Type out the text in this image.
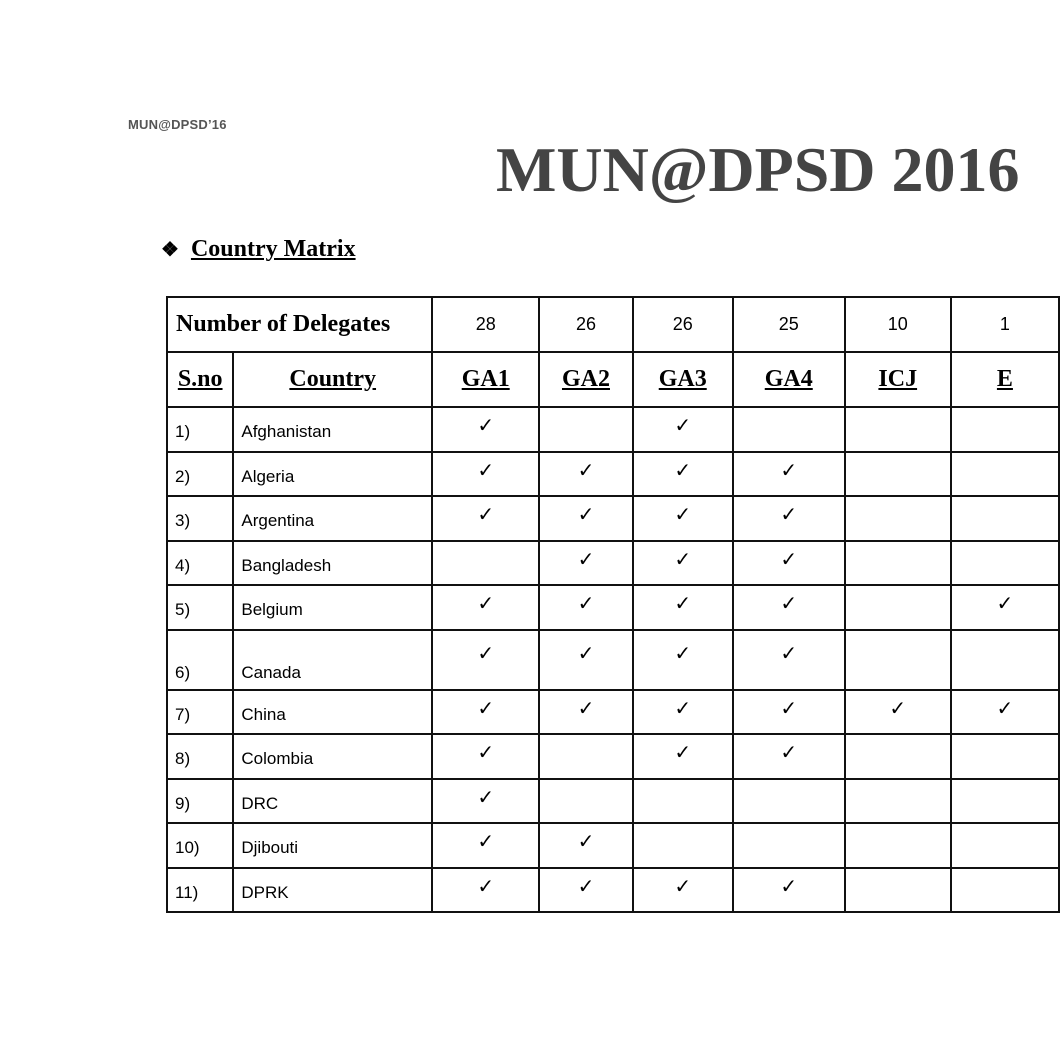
MUN@DPSD’16
MUN@DPSD 2016
❖ Country Matrix
Number of Delegates		28	26	26	25	10	1
S.no	Country	GA1	GA2	GA3	GA4	ICJ	E
1)	Afghanistan	✓		✓			
2)	Algeria	✓	✓	✓	✓		
3)	Argentina	✓	✓	✓	✓		
4)	Bangladesh		✓	✓	✓		
5)	Belgium	✓	✓	✓	✓		✓
6)	Canada	✓	✓	✓	✓		
7)	China	✓	✓	✓	✓	✓	✓
8)	Colombia	✓		✓	✓		
9)	DRC	✓					
10)	Djibouti	✓	✓				
11)	DPRK	✓	✓	✓	✓		
